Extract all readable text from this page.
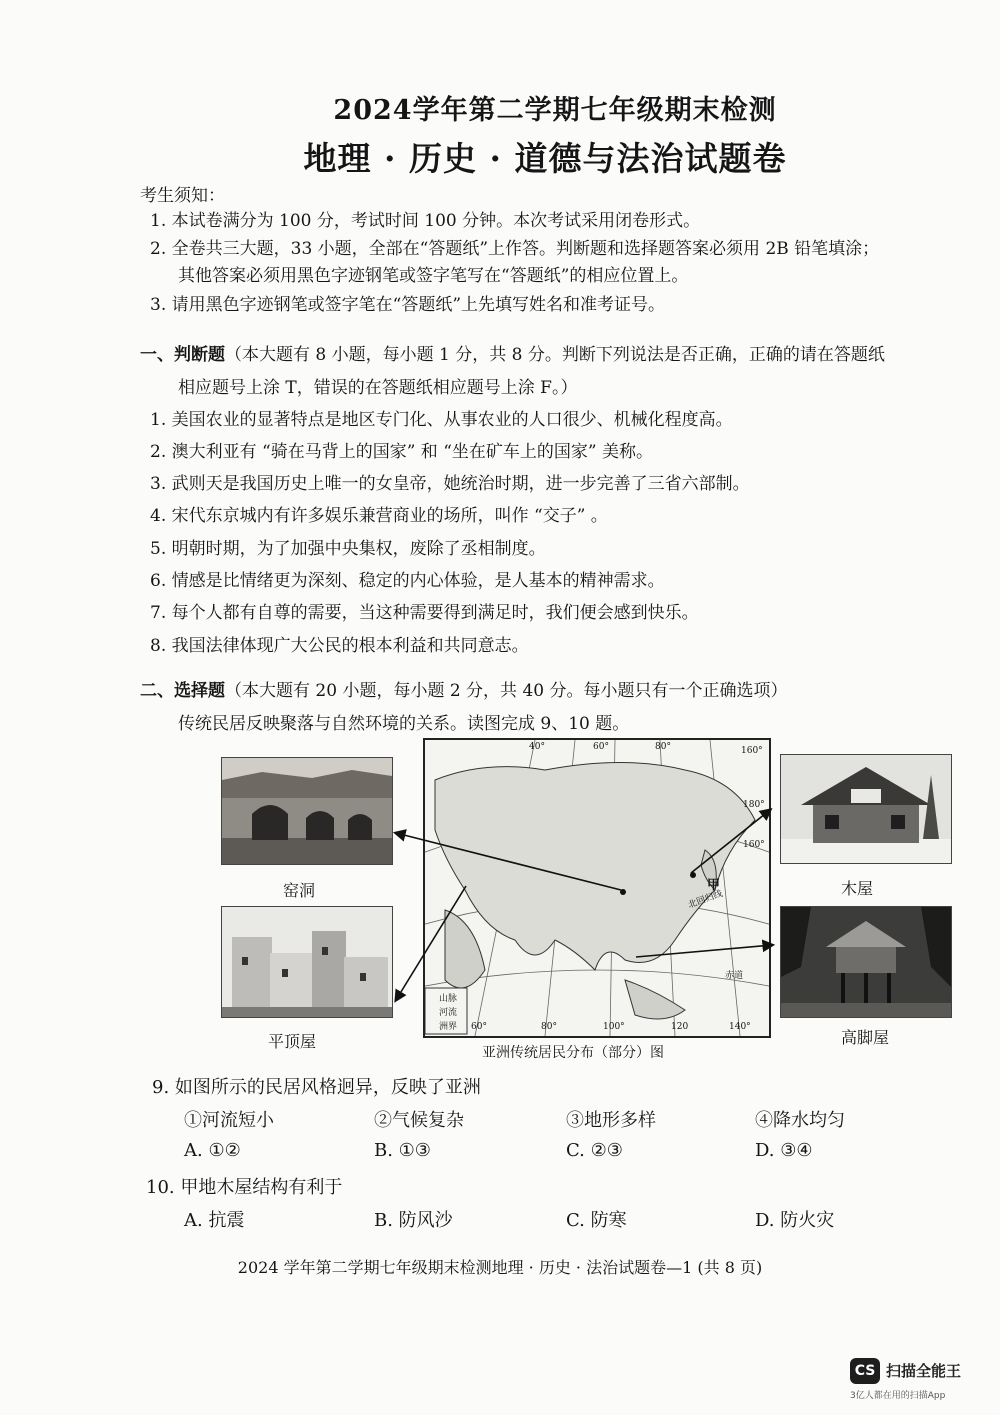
2024学年第二学期七年级期末检测
地理 · 历史 · 道德与法治试题卷
考生须知：
1. 本试卷满分为 100 分，考试时间 100 分钟。本次考试采用闭卷形式。
2. 全卷共三大题，33 小题，全部在“答题纸”上作答。判断题和选择题答案必须用 2B 铅笔填涂；
其他答案必须用黑色字迹钢笔或签字笔写在“答题纸”的相应位置上。
3. 请用黑色字迹钢笔或签字笔在“答题纸”上先填写姓名和准考证号。
一、判断题（本大题有 8 小题，每小题 1 分，共 8 分。判断下列说法是否正确，正确的请在答题纸
相应题号上涂 T，错误的在答题纸相应题号上涂 F。）
1. 美国农业的显著特点是地区专门化、从事农业的人口很少、机械化程度高。
2. 澳大利亚有 “骑在马背上的国家” 和 “坐在矿车上的国家” 美称。
3. 武则天是我国历史上唯一的女皇帝，她统治时期，进一步完善了三省六部制。
4. 宋代东京城内有许多娱乐兼营商业的场所，叫作 “交子” 。
5. 明朝时期，为了加强中央集权，废除了丞相制度。
6. 情感是比情绪更为深刻、稳定的内心体验，是人基本的精神需求。
7. 每个人都有自尊的需要，当这种需要得到满足时，我们便会感到快乐。
8. 我国法律体现广大公民的根本利益和共同意志。
二、选择题（本大题有 20 小题，每小题 2 分，共 40 分。每小题只有一个正确选项）
传统民居反映聚落与自然环境的关系。读图完成 9、10 题。
窑洞
平顶屋
木屋
高脚屋
甲
北回归线
赤道
山脉
河流
洲界 60°	80°	100°	120	140°
40°	60°	80°	160°
180°
160°
亚洲传统居民分布（部分）图
9. 如图所示的民居风格迥异，反映了亚洲
①河流短小	②气候复杂	③地形多样	④降水均匀
A. ①②	B. ①③	C. ②③	D. ③④
10. 甲地木屋结构有利于
A. 抗震	B. 防风沙	C. 防寒	D. 防火灾
2024 学年第二学期七年级期末检测地理 · 历史 · 法治试题卷—1 (共 8 页)
CS 扫描全能王
3亿人都在用的扫描App
